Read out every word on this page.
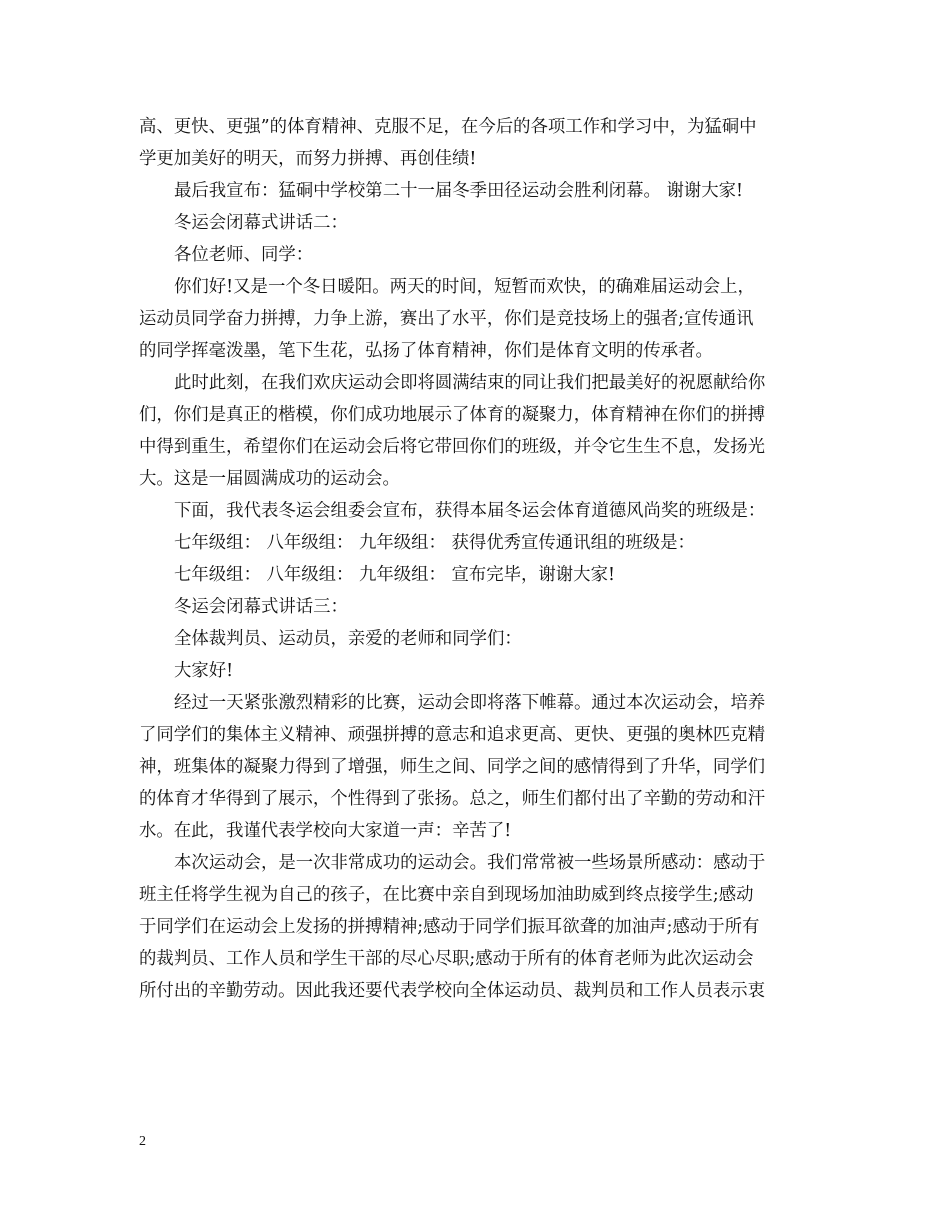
高、更快、更强”的体育精神、克服不足，在今后的各项工作和学习中，为猛硐中
学更加美好的明天，而努力拼搏、再创佳绩!
最后我宣布：猛硐中学校第二十一届冬季田径运动会胜利闭幕。 谢谢大家!
冬运会闭幕式讲话二：
各位老师、同学：
你们好!又是一个冬日暖阳。两天的时间，短暂而欢快，的确难届运动会上，
运动员同学奋力拼搏，力争上游，赛出了水平，你们是竞技场上的强者;宣传通讯
的同学挥毫泼墨，笔下生花，弘扬了体育精神，你们是体育文明的传承者。
此时此刻，在我们欢庆运动会即将圆满结束的同让我们把最美好的祝愿献给你
们，你们是真正的楷模，你们成功地展示了体育的凝聚力，体育精神在你们的拼搏
中得到重生，希望你们在运动会后将它带回你们的班级，并令它生生不息，发扬光
大。这是一届圆满成功的运动会。
下面，我代表冬运会组委会宣布，获得本届冬运会体育道德风尚奖的班级是：
七年级组： 八年级组： 九年级组： 获得优秀宣传通讯组的班级是：
七年级组： 八年级组： 九年级组： 宣布完毕，谢谢大家!
冬运会闭幕式讲话三：
全体裁判员、运动员，亲爱的老师和同学们：
大家好!
经过一天紧张激烈精彩的比赛，运动会即将落下帷幕。通过本次运动会，培养
了同学们的集体主义精神、顽强拼搏的意志和追求更高、更快、更强的奥林匹克精
神，班集体的凝聚力得到了增强，师生之间、同学之间的感情得到了升华，同学们
的体育才华得到了展示，个性得到了张扬。总之，师生们都付出了辛勤的劳动和汗
水。在此，我谨代表学校向大家道一声：辛苦了!
本次运动会，是一次非常成功的运动会。我们常常被一些场景所感动：感动于
班主任将学生视为自己的孩子，在比赛中亲自到现场加油助威到终点接学生;感动
于同学们在运动会上发扬的拼搏精神;感动于同学们振耳欲聋的加油声;感动于所有
的裁判员、工作人员和学生干部的尽心尽职;感动于所有的体育老师为此次运动会
所付出的辛勤劳动。因此我还要代表学校向全体运动员、裁判员和工作人员表示衷
2
